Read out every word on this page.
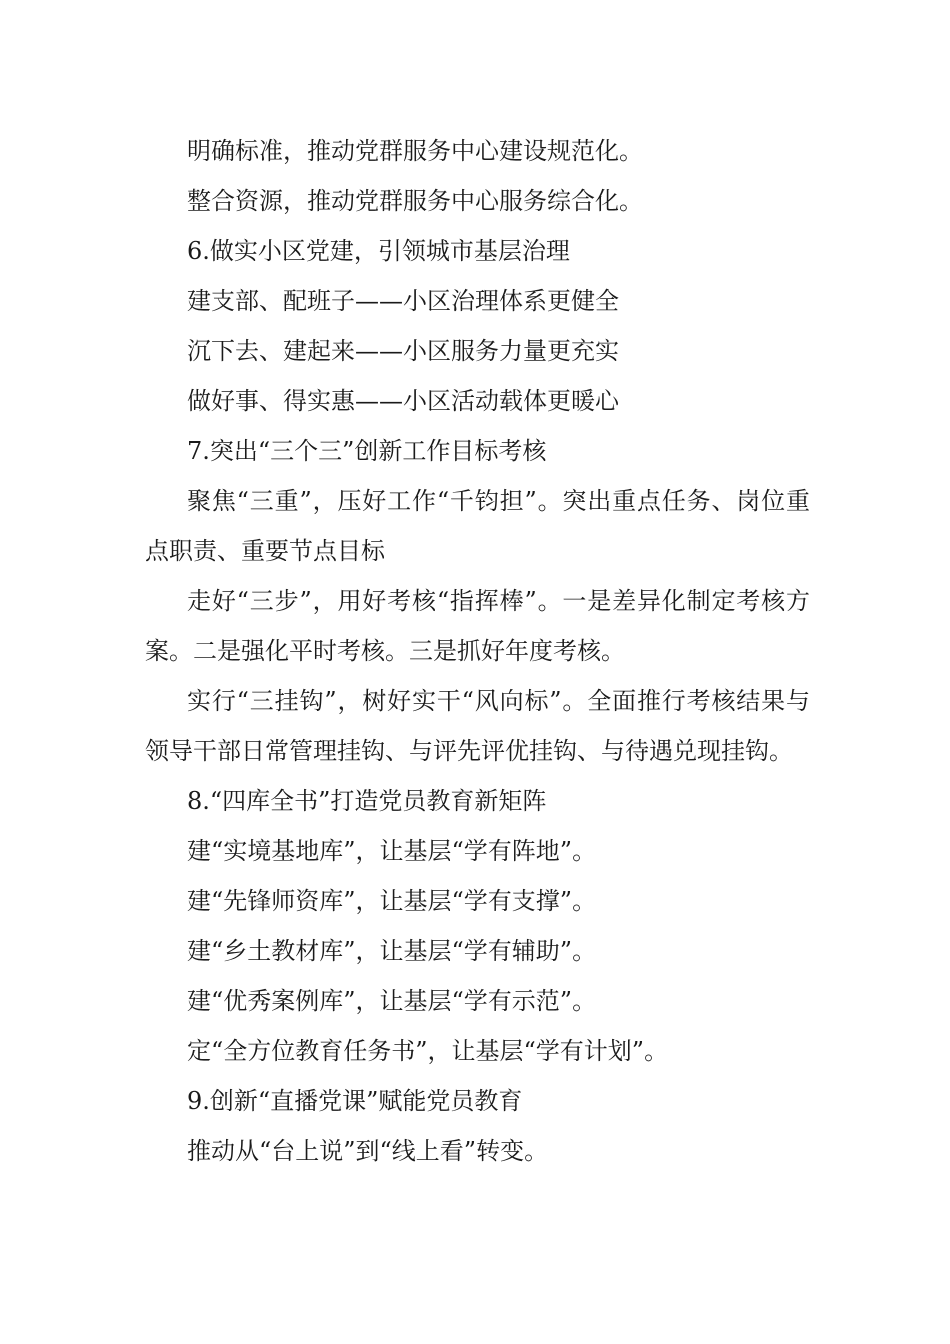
明确标准，推动党群服务中心建设规范化。

整合资源，推动党群服务中心服务综合化。

6.做实小区党建，引领城市基层治理

建支部、配班子——小区治理体系更健全

沉下去、建起来——小区服务力量更充实

做好事、得实惠——小区活动载体更暖心

7.突出“三个三”创新工作目标考核

聚焦“三重”，压好工作“千钧担”。突出重点任务、岗位重点职责、重要节点目标

走好“三步”，用好考核“指挥棒”。一是差异化制定考核方案。二是强化平时考核。三是抓好年度考核。

实行“三挂钩”，树好实干“风向标”。全面推行考核结果与领导干部日常管理挂钩、与评先评优挂钩、与待遇兑现挂钩。

8.“四库全书”打造党员教育新矩阵

建“实境基地库”，让基层“学有阵地”。

建“先锋师资库”，让基层“学有支撑”。

建“乡土教材库”，让基层“学有辅助”。

建“优秀案例库”，让基层“学有示范”。

定“全方位教育任务书”，让基层“学有计划”。

9.创新“直播党课”赋能党员教育

推动从“台上说”到“线上看”转变。
